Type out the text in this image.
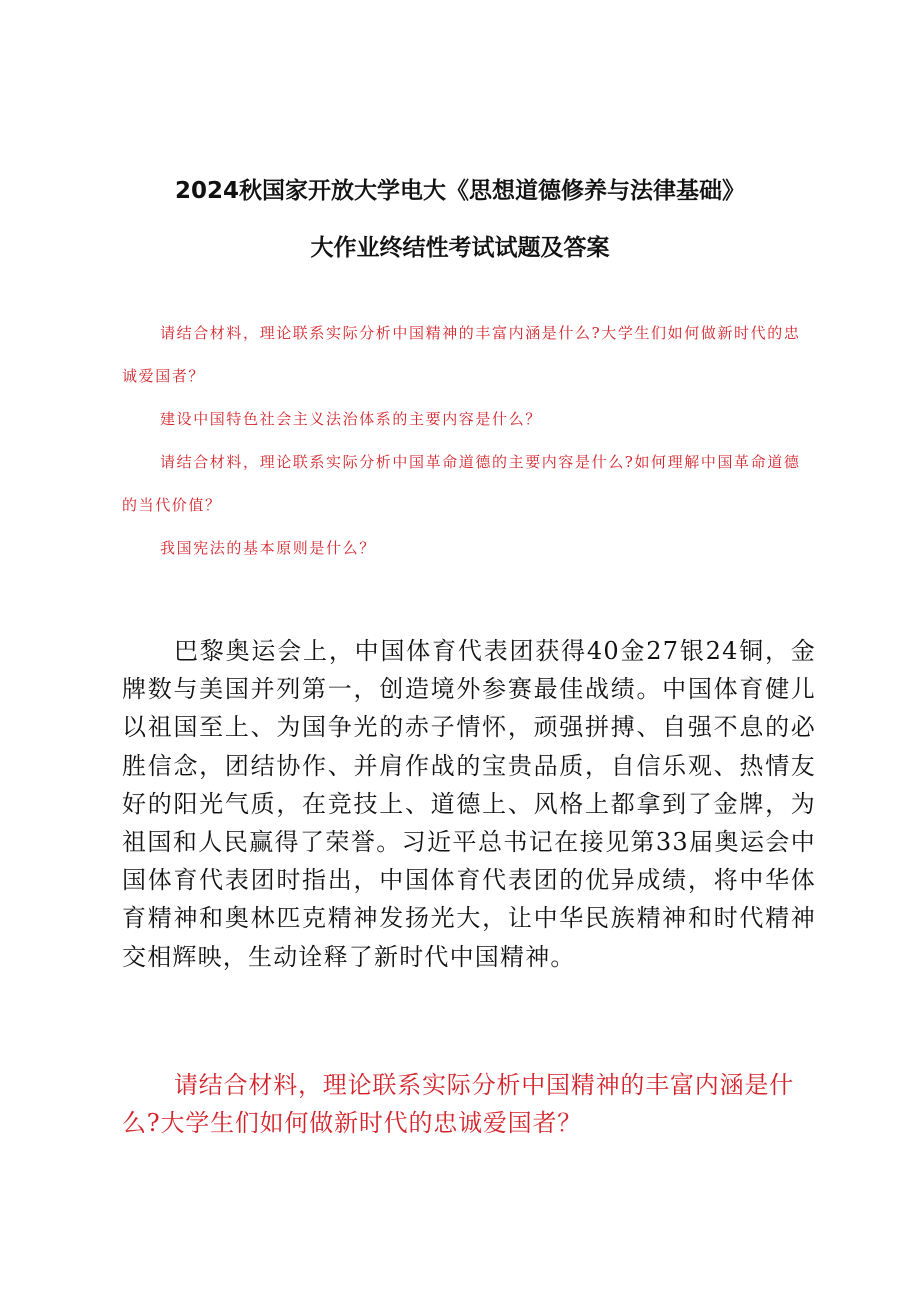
2024秋国家开放大学电大《思想道德修养与法律基础》
大作业终结性考试试题及答案

请结合材料，理论联系实际分析中国精神的丰富内涵是什么?大学生们如何做新时代的忠诚爱国者？

建设中国特色社会主义法治体系的主要内容是什么？

请结合材料，理论联系实际分析中国革命道德的主要内容是什么?如何理解中国革命道德的当代价值？

我国宪法的基本原则是什么？

巴黎奥运会上，中国体育代表团获得40金27银24铜，金牌数与美国并列第一，创造境外参赛最佳战绩。中国体育健儿以祖国至上、为国争光的赤子情怀，顽强拼搏、自强不息的必胜信念，团结协作、并肩作战的宝贵品质，自信乐观、热情友好的阳光气质，在竞技上、道德上、风格上都拿到了金牌，为祖国和人民赢得了荣誉。习近平总书记在接见第33届奥运会中国体育代表团时指出，中国体育代表团的优异成绩，将中华体育精神和奥林匹克精神发扬光大，让中华民族精神和时代精神交相辉映，生动诠释了新时代中国精神。

请结合材料，理论联系实际分析中国精神的丰富内涵是什么?大学生们如何做新时代的忠诚爱国者？
